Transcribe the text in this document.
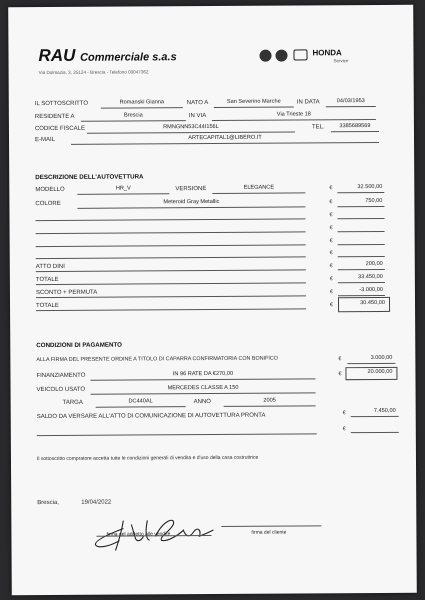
RAU Commerciale s.a.s
Via Dolmazia, 3, 25124 - Brescia - Telefono 03047362
HONDA
Service
IL SOTTOSCRITTO	Romanski Gianna	NATO A	San Severino Marche	IN DATA	04/03/1953
RESIDENTE A	Brescia	IN VIA	Via Trieste 18
CODICE FISCALE	RMNGNN53C44I156L	TEL.	3385689569
E-MAIL	ARTECAPITAL1@LIBERO.IT
DESCRIZIONE DELL'AUTOVETTURA
MODELLO	HR_V	VERSIONE	ELEGANCE	€	32.500,00
COLORE	Meteroid Gray Metallic	€	750,00
€
€
€
€
ATTO DINI	€	200,00
TOTALE	€	33.450,00
SCONTO + PERMUTA	€	-3.000,00
TOTALE	€	30.450,00
CONDIZIONI DI PAGAMENTO
ALLA FIRMA DEL PRESENTE ORDINE A TITOLO DI CAPARRA CONFIRMATORIA CON BONIFICO	€	3.000,00
FINANZIAMENTO	IN 96 RATE DA €270,00	€	20.000,00
VEICOLO USATO	MERCEDES CLASSE A 150
TARGA	DC440AL	ANNO	2005
SALDO DA VERSARE ALL'ATTO DI COMUNICAZIONE DI AUTOVETTURA PRONTA	€	7.450,00
€
Il sottoscritto compratore accetta tutte le condizioni generali di vendita e d'uso della casa costruttrice
Brescia,	19/04/2022
firma del addetto alle vendite	firma del cliente
